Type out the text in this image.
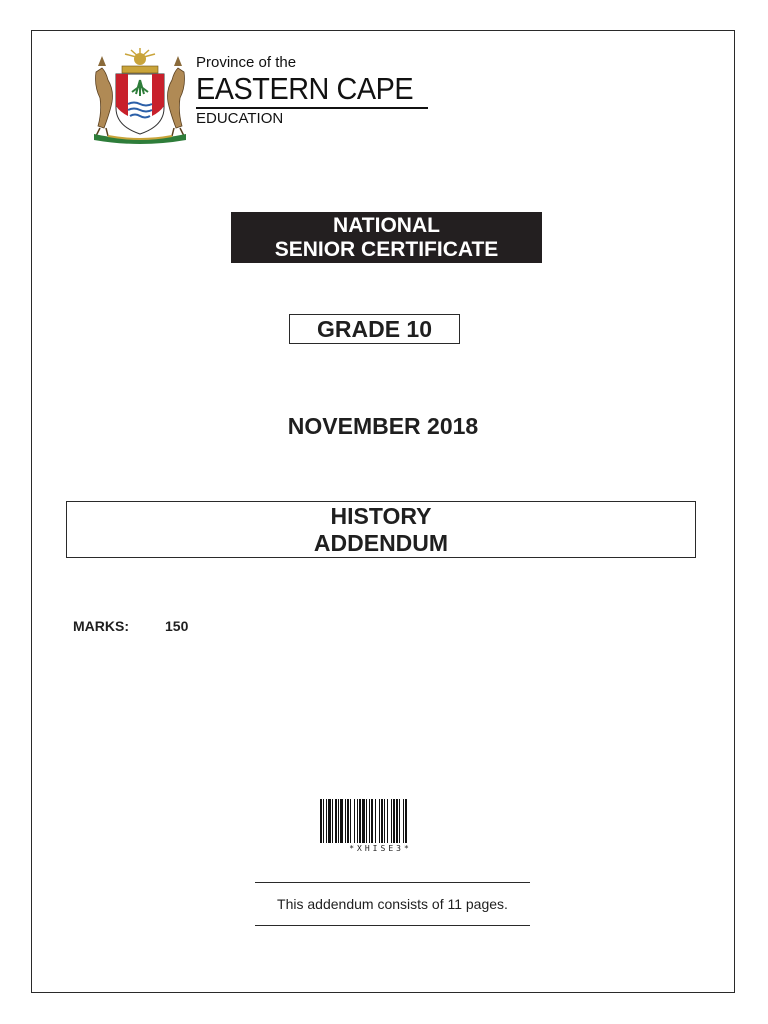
Province of the
EASTERN CAPE
EDUCATION
NATIONAL
SENIOR CERTIFICATE
GRADE 10
NOVEMBER 2018
HISTORY
ADDENDUM
MARKS:	150
*XHISE3*
This addendum consists of 11 pages.
